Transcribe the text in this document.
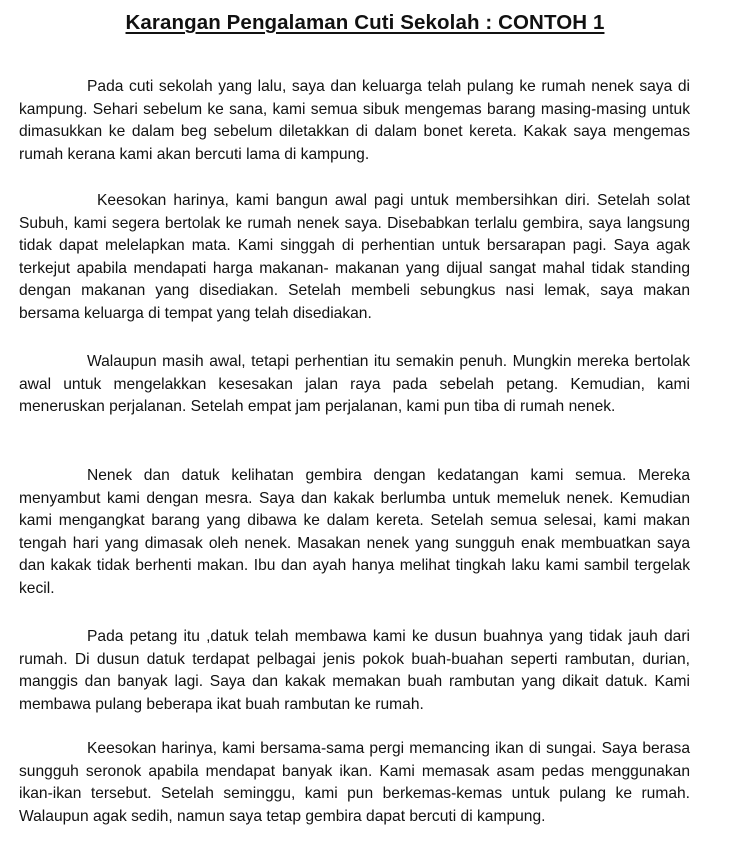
Karangan Pengalaman Cuti Sekolah : CONTOH 1

Pada cuti sekolah yang lalu, saya dan keluarga telah pulang ke rumah nenek saya di kampung. Sehari sebelum ke sana, kami semua sibuk mengemas barang masing-masing untuk dimasukkan ke dalam beg sebelum diletakkan di dalam bonet kereta. Kakak saya mengemas rumah kerana kami akan bercuti lama di kampung.

Keesokan harinya, kami bangun awal pagi untuk membersihkan diri. Setelah solat Subuh, kami segera bertolak ke rumah nenek saya. Disebabkan terlalu gembira, saya langsung tidak dapat melelapkan mata. Kami singgah di perhentian untuk bersarapan pagi. Saya agak terkejut apabila mendapati harga makanan- makanan yang dijual sangat mahal tidak standing dengan makanan yang disediakan. Setelah membeli sebungkus nasi lemak, saya makan bersama keluarga di tempat yang telah disediakan.

Walaupun masih awal, tetapi perhentian itu semakin penuh. Mungkin mereka bertolak awal untuk mengelakkan kesesakan jalan raya pada sebelah petang. Kemudian, kami meneruskan perjalanan. Setelah empat jam perjalanan, kami pun tiba di rumah nenek.

Nenek dan datuk kelihatan gembira dengan kedatangan kami semua. Mereka menyambut kami dengan mesra. Saya dan kakak berlumba untuk memeluk nenek. Kemudian kami mengangkat barang yang dibawa ke dalam kereta. Setelah semua selesai, kami makan tengah hari yang dimasak oleh nenek. Masakan nenek yang sungguh enak membuatkan saya dan kakak tidak berhenti makan. Ibu dan ayah hanya melihat tingkah laku kami sambil tergelak kecil.

Pada petang itu ,datuk telah membawa kami ke dusun buahnya yang tidak jauh dari rumah. Di dusun datuk terdapat pelbagai jenis pokok buah-buahan seperti rambutan, durian, manggis dan banyak lagi. Saya dan kakak memakan buah rambutan yang dikait datuk. Kami membawa pulang beberapa ikat buah rambutan ke rumah.

Keesokan harinya, kami bersama-sama pergi memancing ikan di sungai. Saya berasa sungguh seronok apabila mendapat banyak ikan. Kami memasak asam pedas menggunakan ikan-ikan tersebut. Setelah seminggu, kami pun berkemas-kemas untuk pulang ke rumah. Walaupun agak sedih, namun saya tetap gembira dapat bercuti di kampung.
